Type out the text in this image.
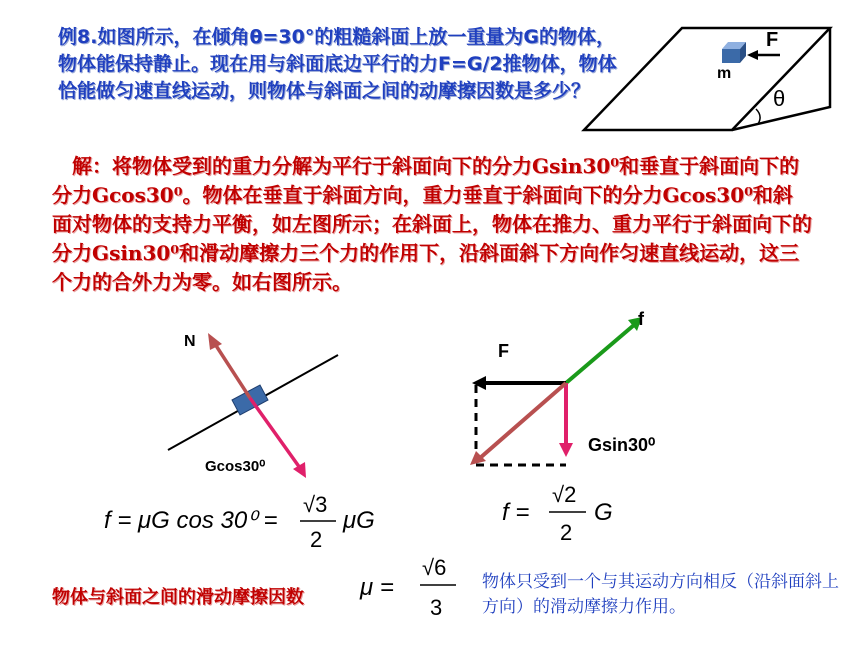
例8.如图所示，在倾角θ=30°的粗糙斜面上放一重量为G的物体，物体能保持静止。现在用与斜面底边平行的力F=G/2推物体，物体恰能做匀速直线运动，则物体与斜面之间的动摩擦因数是多少？
F
m
θ
　解：将物体受到的重力分解为平行于斜面向下的分力Gsin30⁰和垂直于斜面向下的分力Gcos30⁰。物体在垂直于斜面方向，重力垂直于斜面向下的分力Gcos30⁰和斜面对物体的支持力平衡，如左图所示；在斜面上，物体在推力、重力平行于斜面向下的分力Gsin30⁰和滑动摩擦力三个力的作用下，沿斜面斜下方向作匀速直线运动，这三个力的合外力为零。如右图所示。
N
Gcos30⁰
f
F
Gsin30⁰
f = μG cos 30⁰ =
√3
2
μG	f =
√2
2
G
物体与斜面之间的滑动摩擦因数 μ =
√6
3
物体只受到一个与其运动方向相反（沿斜面斜上方向）的滑动摩擦力作用。
